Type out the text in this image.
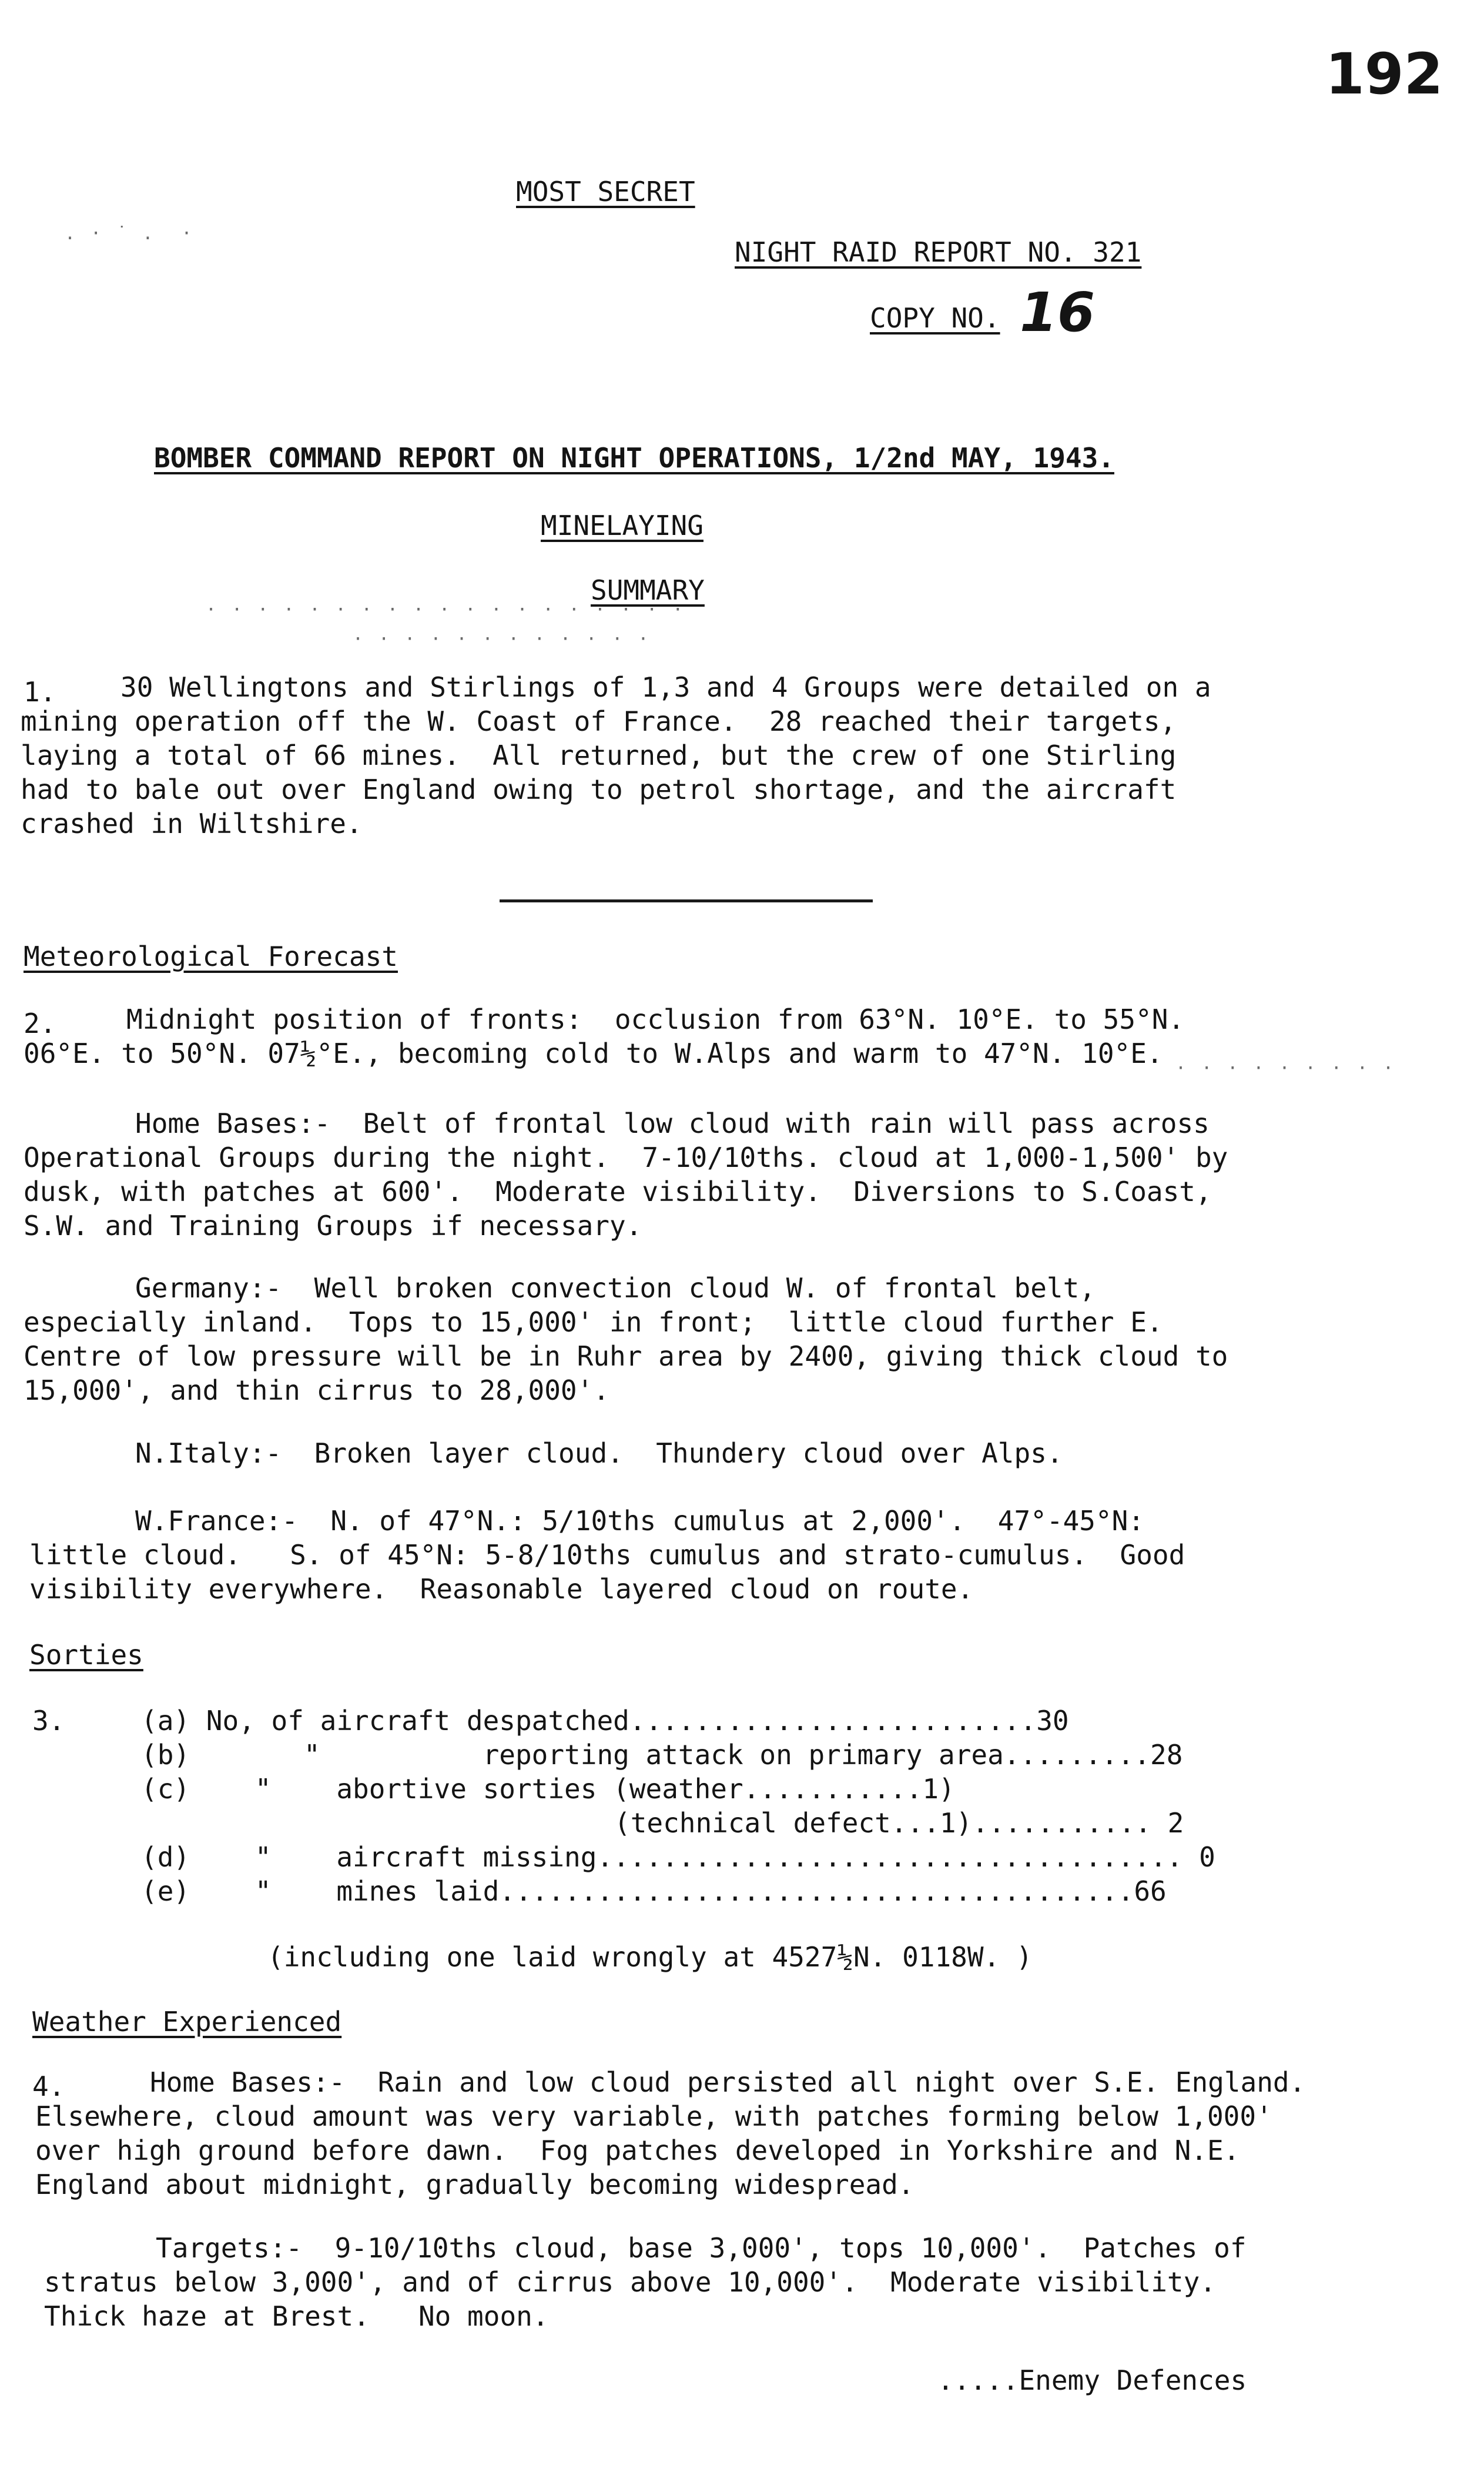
192
MOST SECRET
NIGHT RAID REPORT NO. 321
COPY NO. 16
BOMBER COMMAND REPORT ON NIGHT OPERATIONS, 1/2nd MAY, 1943.
MINELAYING
SUMMARY
. · ˙ .  ·
· · · · · · · · · · · · · · · · · · ·
· · · · · · · · · · · ·
· · · · · · · · ·
1. 30 Wellingtons and Stirlings of 1,3 and 4 Groups were detailed on a
mining operation off the W. Coast of France.  28 reached their targets,
laying a total of 66 mines.  All returned, but the crew of one Stirling
had to bale out over England owing to petrol shortage, and the aircraft
crashed in Wiltshire.
Meteorological Forecast
2.	Midnight position of fronts:  occlusion from 63°N. 10°E. to 55°N.
06°E. to 50°N. 07½°E., becoming cold to W.Alps and warm to 47°N. 10°E.
Home Bases:-  Belt of frontal low cloud with rain will pass across
Operational Groups during the night.  7-10/10ths. cloud at 1,000-1,500' by
dusk, with patches at 600'.  Moderate visibility.  Diversions to S.Coast,
S.W. and Training Groups if necessary.
Germany:-  Well broken convection cloud W. of frontal belt,
especially inland.  Tops to 15,000' in front;  little cloud further E.
Centre of low pressure will be in Ruhr area by 2400, giving thick cloud to
15,000', and thin cirrus to 28,000'.
N.Italy:-  Broken layer cloud.  Thundery cloud over Alps.
W.France:-  N. of 47°N.: 5/10ths cumulus at 2,000'.  47°-45°N:
little cloud.   S. of 45°N: 5-8/10ths cumulus and strato-cumulus.  Good
visibility everywhere.  Reasonable layered cloud on route.
Sorties
3.	(a) No, of aircraft despatched.........................30
(b)       "          reporting attack on primary area.........28
(c)    "    abortive sorties (weather...........1)
(technical defect...1)........... 2
(d)    "    aircraft missing.................................... 0
(e)    "    mines laid.......................................66
(including one laid wrongly at 4527½N. 0118W. )
Weather Experienced
4.	Home Bases:-  Rain and low cloud persisted all night over S.E. England.
Elsewhere, cloud amount was very variable, with patches forming below 1,000'
over high ground before dawn.  Fog patches developed in Yorkshire and N.E.
England about midnight, gradually becoming widespread.
Targets:-  9-10/10ths cloud, base 3,000', tops 10,000'.  Patches of
stratus below 3,000', and of cirrus above 10,000'.  Moderate visibility.
Thick haze at Brest.   No moon.
.....Enemy Defences
